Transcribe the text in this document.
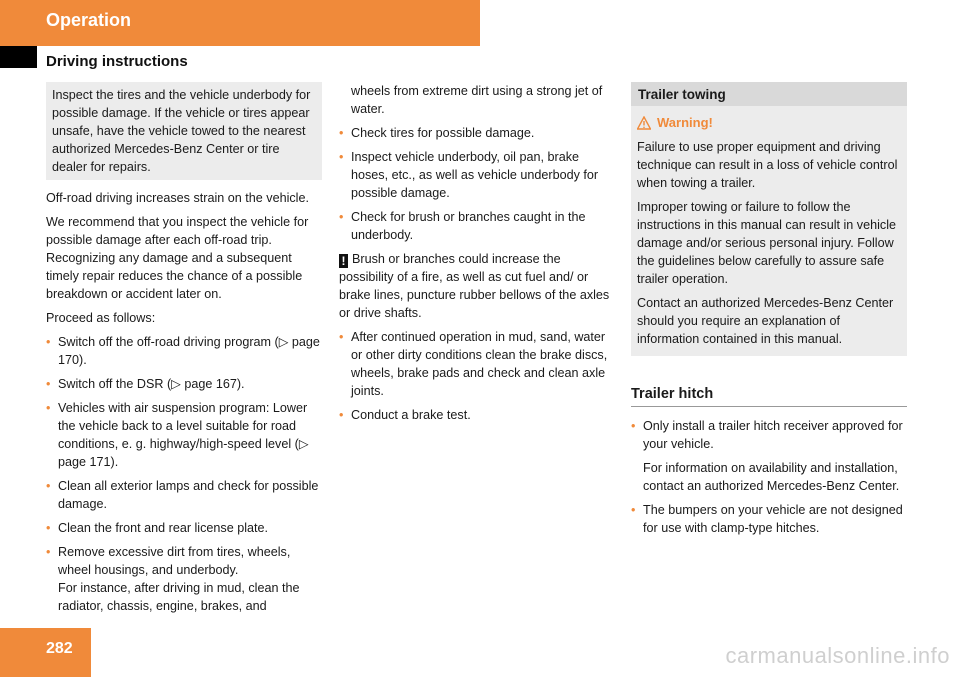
Operation
Driving instructions
Inspect the tires and the vehicle underbody for possible damage. If the vehicle or tires appear unsafe, have the vehicle towed to the nearest authorized Mercedes-Benz Center or tire dealer for repairs.

Off-road driving increases strain on the vehicle.

We recommend that you inspect the vehicle for possible damage after each off-road trip. Recognizing any damage and a subsequent timely repair reduces the chance of a possible breakdown or accident later on.

Proceed as follows:

• Switch off the off-road driving program (▷ page 170).
• Switch off the DSR (▷ page 167).
• Vehicles with air suspension program: Lower the vehicle back to a level suitable for road conditions, e. g. highway/high-speed level (▷ page 171).
• Clean all exterior lamps and check for possible damage.
• Clean the front and rear license plate.
• Remove excessive dirt from tires, wheels, wheel housings, and underbody.
For instance, after driving in mud, clean the radiator, chassis, engine, brakes, and

wheels from extreme dirt using a strong jet of water.

• Check tires for possible damage.
• Inspect vehicle underbody, oil pan, brake hoses, etc., as well as vehicle underbody for possible damage.
• Check for brush or branches caught in the underbody.

! Brush or branches could increase the possibility of a fire, as well as cut fuel and/ or brake lines, puncture rubber bellows of the axles or drive shafts.

• After continued operation in mud, sand, water or other dirty conditions clean the brake discs, wheels, brake pads and check and clean axle joints.
• Conduct a brake test.
Trailer towing
Warning!

Failure to use proper equipment and driving technique can result in a loss of vehicle control when towing a trailer.

Improper towing or failure to follow the instructions in this manual can result in vehicle damage and/or serious personal injury. Follow the guidelines below carefully to assure safe trailer operation.

Contact an authorized Mercedes-Benz Center should you require an explanation of information contained in this manual.

Trailer hitch
• Only install a trailer hitch receiver approved for your vehicle.

For information on availability and installation, contact an authorized Mercedes-Benz Center.

• The bumpers on your vehicle are not designed for use with clamp-type hitches.
282	carmanualsonline.info
